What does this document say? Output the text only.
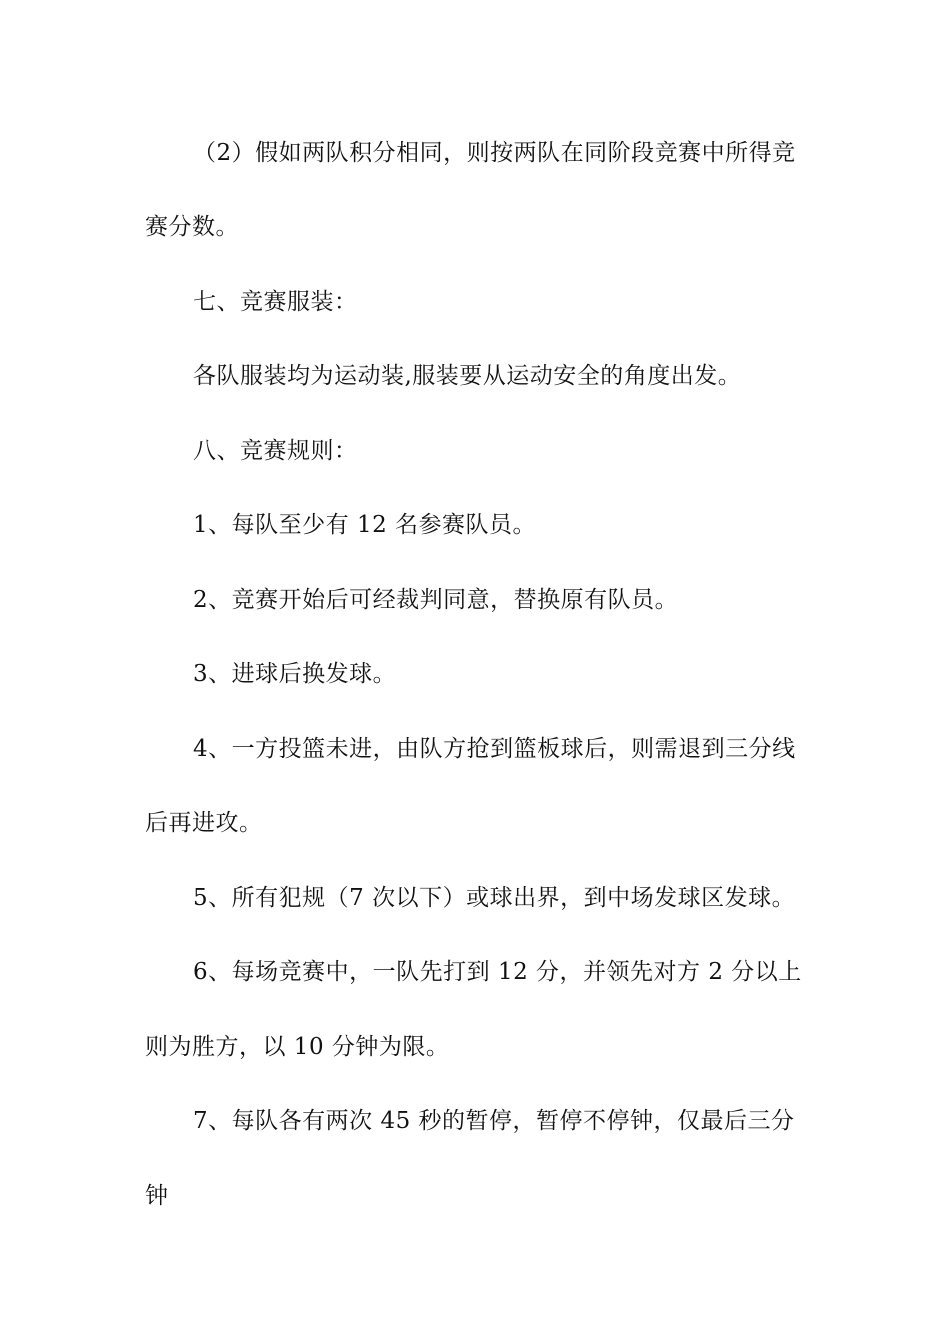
（2）假如两队积分相同，则按两队在同阶段竞赛中所得竞
赛分数。
七、竞赛服装：
各队服装均为运动装,服装要从运动安全的角度出发。
八、竞赛规则：
1、每队至少有 12 名参赛队员。
2、竞赛开始后可经裁判同意，替换原有队员。
3、进球后换发球。
4、一方投篮未进，由队方抢到篮板球后，则需退到三分线
后再进攻。
5、所有犯规（7 次以下）或球出界，到中场发球区发球。
6、每场竞赛中，一队先打到 12 分，并领先对方 2 分以上
则为胜方，以 10 分钟为限。
7、每队各有两次 45 秒的暂停，暂停不停钟，仅最后三分
钟
